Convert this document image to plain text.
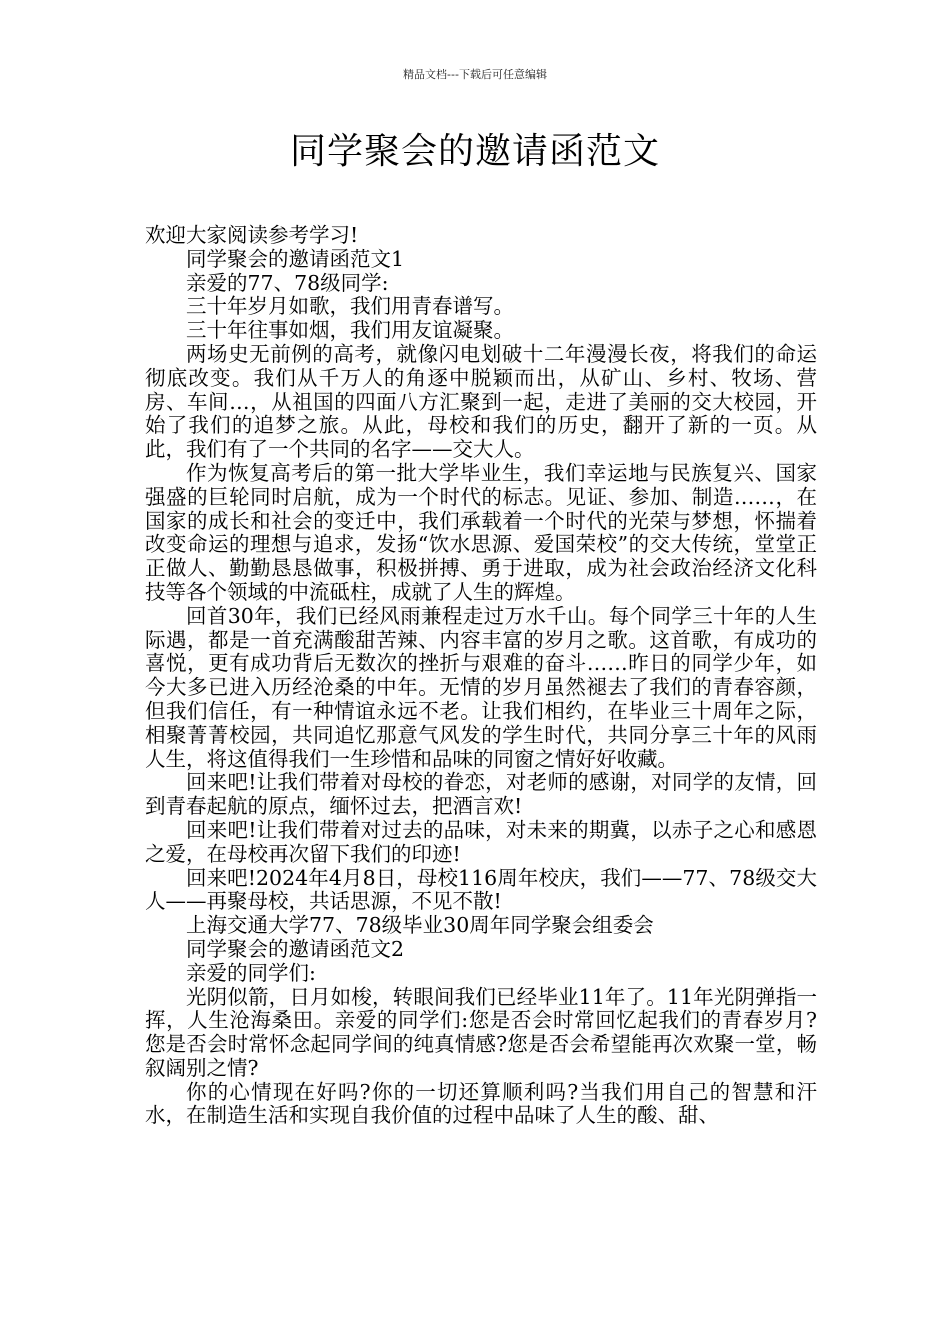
精品文档---下载后可任意编辑
同学聚会的邀请函范文

欢迎大家阅读参考学习!

同学聚会的邀请函范文1

亲爱的77、78级同学:

三十年岁月如歌，我们用青春谱写。

三十年往事如烟，我们用友谊凝聚。

两场史无前例的高考，就像闪电划破十二年漫漫长夜，将我们的命运彻底改变。我们从千万人的角逐中脱颖而出，从矿山、乡村、牧场、营房、车间…，从祖国的四面八方汇聚到一起，走进了美丽的交大校园，开始了我们的追梦之旅。从此，母校和我们的历史，翻开了新的一页。从此，我们有了一个共同的名字——交大人。

作为恢复高考后的第一批大学毕业生，我们幸运地与民族复兴、国家强盛的巨轮同时启航，成为一个时代的标志。见证、参加、制造……，在国家的成长和社会的变迁中，我们承载着一个时代的光荣与梦想，怀揣着改变命运的理想与追求，发扬“饮水思源、爱国荣校”的交大传统，堂堂正正做人、勤勤恳恳做事，积极拼搏、勇于进取，成为社会政治经济文化科技等各个领域的中流砥柱，成就了人生的辉煌。

回首30年，我们已经风雨兼程走过万水千山。每个同学三十年的人生际遇，都是一首充满酸甜苦辣、内容丰富的岁月之歌。这首歌，有成功的喜悦，更有成功背后无数次的挫折与艰难的奋斗……昨日的同学少年，如今大多已进入历经沧桑的中年。无情的岁月虽然褪去了我们的青春容颜，但我们信任，有一种情谊永远不老。让我们相约，在毕业三十周年之际，相聚菁菁校园，共同追忆那意气风发的学生时代，共同分享三十年的风雨人生，将这值得我们一生珍惜和品味的同窗之情好好收藏。

回来吧!让我们带着对母校的眷恋，对老师的感谢，对同学的友情，回到青春起航的原点，缅怀过去，把酒言欢!

回来吧!让我们带着对过去的品味，对未来的期冀，以赤子之心和感恩之爱，在母校再次留下我们的印迹!

回来吧!2024年4月8日，母校116周年校庆，我们——77、78级交大人——再聚母校，共话思源，不见不散!

上海交通大学77、78级毕业30周年同学聚会组委会

同学聚会的邀请函范文2

亲爱的同学们:

光阴似箭，日月如梭，转眼间我们已经毕业11年了。11年光阴弹指一挥，人生沧海桑田。亲爱的同学们:您是否会时常回忆起我们的青春岁月?您是否会时常怀念起同学间的纯真情感?您是否会希望能再次欢聚一堂，畅叙阔别之情?

你的心情现在好吗?你的一切还算顺利吗?当我们用自己的智慧和汗水，在制造生活和实现自我价值的过程中品味了人生的酸、甜、
